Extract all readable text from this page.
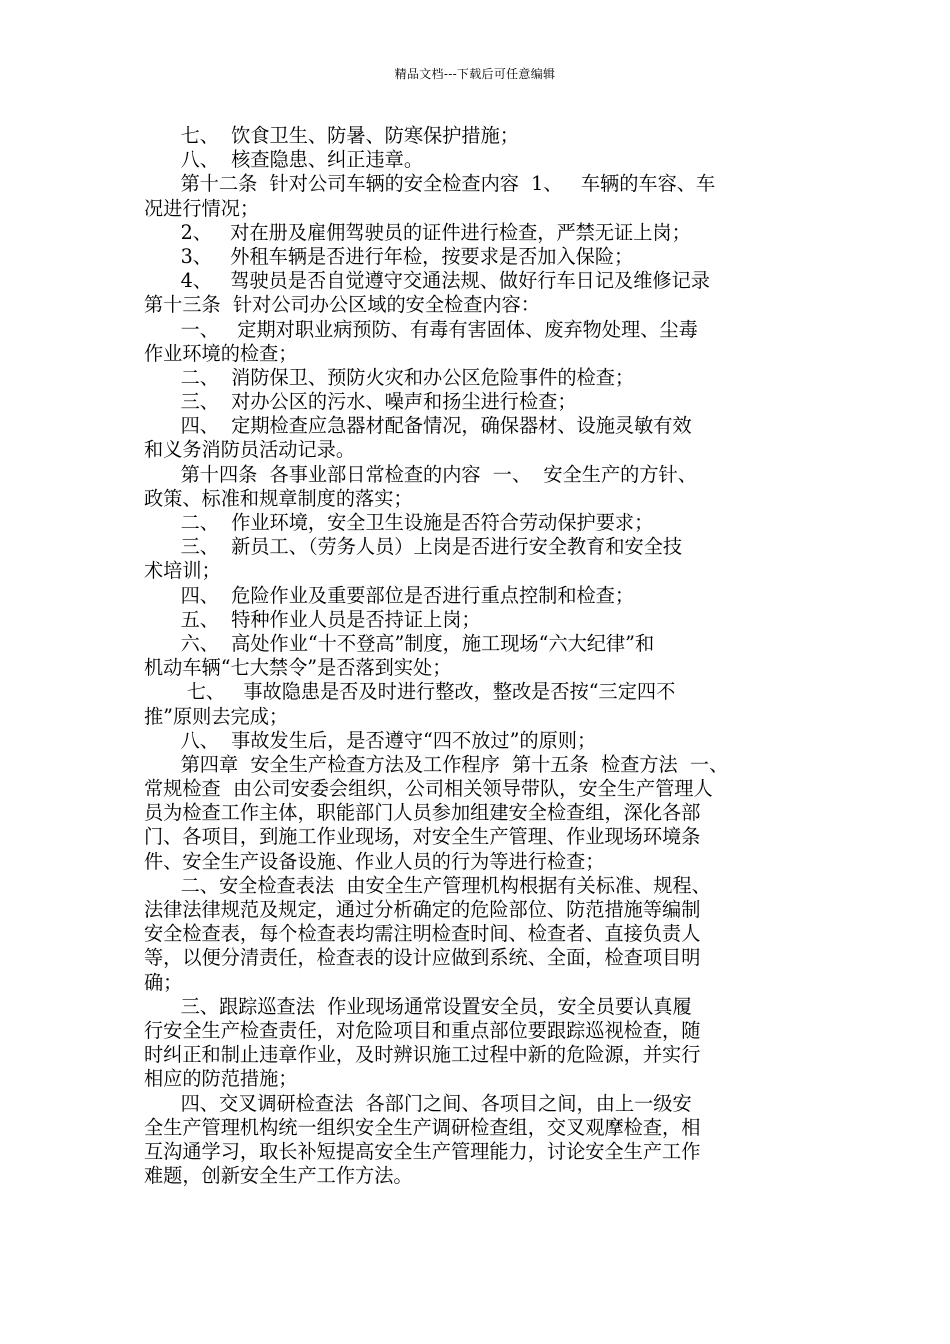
精品文档---下载后可任意编辑
七、  饮食卫生、防暑、防寒保护措施；
八、  核查隐患、纠正违章。
第十二条  针对公司车辆的安全检查内容  1、   车辆的车容、车
况进行情况；
2、   对在册及雇佣驾驶员的证件进行检查，严禁无证上岗；
3、   外租车辆是否进行年检，按要求是否加入保险；
4、   驾驶员是否自觉遵守交通法规、做好行车日记及维修记录
第十三条  针对公司办公区域的安全检查内容：
一、   定期对职业病预防、有毒有害固体、废弃物处理、尘毒
作业环境的检查；
二、  消防保卫、预防火灾和办公区危险事件的检查；
三、  对办公区的污水、噪声和扬尘进行检查；
四、  定期检查应急器材配备情况，确保器材、设施灵敏有效
和义务消防员活动记录。
第十四条  各事业部日常检查的内容  一、  安全生产的方针、
政策、标准和规章制度的落实；
二、  作业环境，安全卫生设施是否符合劳动保护要求；
三、  新员工、（劳务人员）上岗是否进行安全教育和安全技
术培训；
四、  危险作业及重要部位是否进行重点控制和检查；
五、  特种作业人员是否持证上岗；
六、  高处作业“十不登高”制度，施工现场“六大纪律”和
机动车辆“七大禁令”是否落到实处；
七、   事故隐患是否及时进行整改，整改是否按“三定四不
推”原则去完成；
八、  事故发生后，是否遵守“四不放过”的原则；
第四章  安全生产检查方法及工作程序  第十五条  检查方法  一、
常规检查  由公司安委会组织，公司相关领导带队，安全生产管理人
员为检查工作主体，职能部门人员参加组建安全检查组，深化各部
门、各项目，到施工作业现场，对安全生产管理、作业现场环境条
件、安全生产设备设施、作业人员的行为等进行检查；
二、安全检查表法  由安全生产管理机构根据有关标准、规程、
法律法律规范及规定，通过分析确定的危险部位、防范措施等编制
安全检查表，每个检查表均需注明检查时间、检查者、直接负责人
等，以便分清责任，检查表的设计应做到系统、全面，检查项目明
确；
三、跟踪巡查法  作业现场通常设置安全员，安全员要认真履
行安全生产检查责任，对危险项目和重点部位要跟踪巡视检查，随
时纠正和制止违章作业，及时辨识施工过程中新的危险源，并实行
相应的防范措施；
四、交叉调研检查法  各部门之间、各项目之间，由上一级安
全生产管理机构统一组织安全生产调研检查组，交叉观摩检查，相
互沟通学习，取长补短提高安全生产管理能力，讨论安全生产工作
难题，创新安全生产工作方法。
